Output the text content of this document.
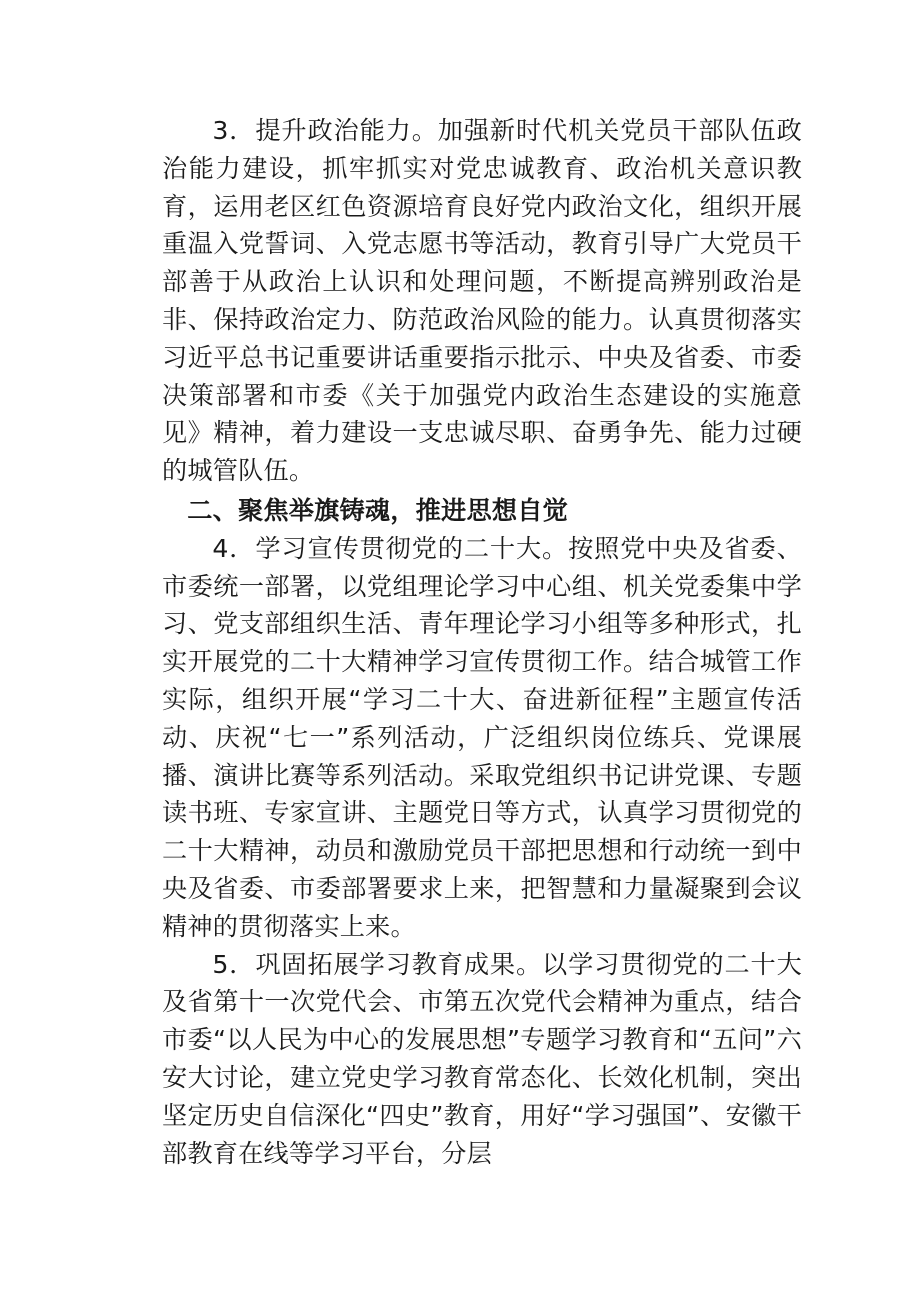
3．提升政治能力。加强新时代机关党员干部队伍政治能力建设，抓牢抓实对党忠诚教育、政治机关意识教育，运用老区红色资源培育良好党内政治文化，组织开展重温入党誓词、入党志愿书等活动，教育引导广大党员干部善于从政治上认识和处理问题，不断提高辨别政治是非、保持政治定力、防范政治风险的能力。认真贯彻落实习近平总书记重要讲话重要指示批示、中央及省委、市委决策部署和市委《关于加强党内政治生态建设的实施意见》精神，着力建设一支忠诚尽职、奋勇争先、能力过硬的城管队伍。

二、聚焦举旗铸魂，推进思想自觉

4．学习宣传贯彻党的二十大。按照党中央及省委、市委统一部署，以党组理论学习中心组、机关党委集中学习、党支部组织生活、青年理论学习小组等多种形式，扎实开展党的二十大精神学习宣传贯彻工作。结合城管工作实际，组织开展“学习二十大、奋进新征程”主题宣传活动、庆祝“七一”系列活动，广泛组织岗位练兵、党课展播、演讲比赛等系列活动。采取党组织书记讲党课、专题读书班、专家宣讲、主题党日等方式，认真学习贯彻党的二十大精神，动员和激励党员干部把思想和行动统一到中央及省委、市委部署要求上来，把智慧和力量凝聚到会议精神的贯彻落实上来。

5．巩固拓展学习教育成果。以学习贯彻党的二十大及省第十一次党代会、市第五次党代会精神为重点，结合市委“以人民为中心的发展思想”专题学习教育和“五问”六安大讨论，建立党史学习教育常态化、长效化机制，突出坚定历史自信深化“四史”教育，用好“学习强国”、安徽干部教育在线等学习平台，分层
